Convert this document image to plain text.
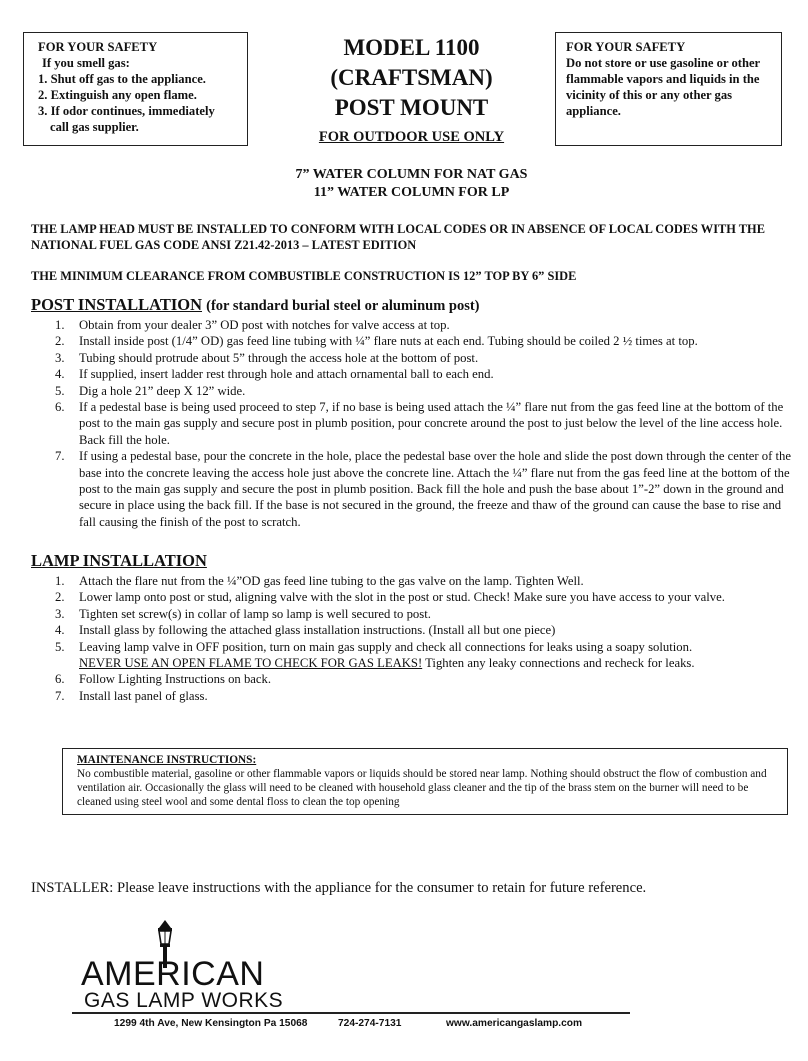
FOR YOUR SAFETY
If you smell gas:
1. Shut off gas to the appliance.
2. Extinguish any open flame.
3. If odor continues, immediately
call gas supplier.
FOR YOUR SAFETY
Do not store or use gasoline or other flammable vapors and liquids in the vicinity of this or any other gas appliance.
MODEL 1100
(CRAFTSMAN)
POST MOUNT
FOR OUTDOOR USE ONLY
7” WATER COLUMN FOR NAT GAS
11” WATER COLUMN FOR LP
THE LAMP HEAD MUST BE INSTALLED TO CONFORM WITH LOCAL CODES OR IN ABSENCE OF LOCAL CODES WITH THE NATIONAL FUEL GAS CODE ANSI Z21.42-2013 – LATEST EDITION
THE MINIMUM CLEARANCE FROM COMBUSTIBLE CONSTRUCTION IS 12” TOP BY 6” SIDE
POST INSTALLATION (for standard burial steel or aluminum post)
1. Obtain from your dealer 3” OD post with notches for valve access at top.
2. Install inside post (1/4” OD) gas feed line tubing with ¼” flare nuts at each end. Tubing should be coiled 2 ½ times at top.
3. Tubing should protrude about 5” through the access hole at the bottom of post.
4. If supplied, insert ladder rest through hole and attach ornamental ball to each end.
5. Dig a hole 21” deep X 12” wide.
6. If a pedestal base is being used proceed to step 7, if no base is being used attach the ¼” flare nut from the gas feed line at the bottom of the post to the main gas supply and secure post in plumb position, pour concrete around the post to just below the level of the line access hole. Back fill the hole.
7. If using a pedestal base, pour the concrete in the hole, place the pedestal base over the hole and slide the post down through the center of the base into the concrete leaving the access hole just above the concrete line. Attach the ¼” flare nut from the gas feed line at the bottom of the post to the main gas supply and secure the post in plumb position. Back fill the hole and push the base about 1”-2” down in the ground and secure in place using the back fill. If the base is not secured in the ground, the freeze and thaw of the ground can cause the base to rise and fall causing the finish of the post to scratch.
LAMP INSTALLATION
1. Attach the flare nut from the ¼”OD gas feed line tubing to the gas valve on the lamp. Tighten Well.
2. Lower lamp onto post or stud, aligning valve with the slot in the post or stud. Check! Make sure you have access to your valve.
3. Tighten set screw(s) in collar of lamp so lamp is well secured to post.
4. Install glass by following the attached glass installation instructions. (Install all but one piece)
5. Leaving lamp valve in OFF position, turn on main gas supply and check all connections for leaks using a soapy solution.
NEVER USE AN OPEN FLAME TO CHECK FOR GAS LEAKS! Tighten any leaky connections and recheck for leaks.
6. Follow Lighting Instructions on back.
7. Install last panel of glass.
MAINTENANCE INSTRUCTIONS:
No combustible material, gasoline or other flammable vapors or liquids should be stored near lamp. Nothing should obstruct the flow of combustion and ventilation air. Occasionally the glass will need to be cleaned with household glass cleaner and the tip of the brass stem on the burner will need to be cleaned using steel wool and some dental floss to clean the top opening
INSTALLER: Please leave instructions with the appliance for the consumer to retain for future reference.
AMERICAN
GAS LAMP WORKS
1299 4th Ave, New Kensington Pa 15068	724-274-7131	www.americangaslamp.com
